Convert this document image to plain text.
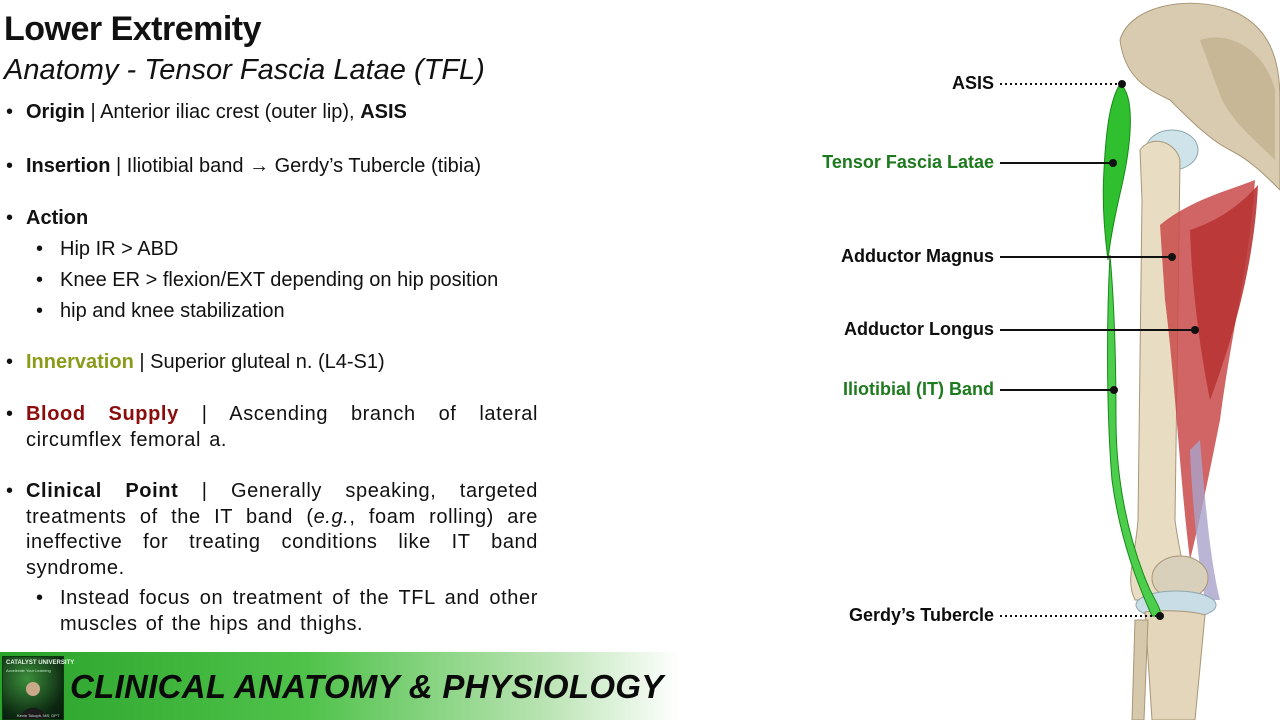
Lower Extremity
Anatomy - Tensor Fascia Latae (TFL)
• Origin | Anterior iliac crest (outer lip), ASIS
• Insertion | Iliotibial band → Gerdy’s Tubercle (tibia)
• Action
• Hip IR > ABD
• Knee ER > flexion/EXT depending on hip position
• hip and knee stabilization
• Innervation | Superior gluteal n. (L4-S1)
• Blood Supply | Ascending branch of lateral circumflex femoral a.
• Clinical Point | Generally speaking, targeted treatments of the IT band (e.g., foam rolling) are ineffective for treating conditions like IT band syndrome.
• Instead focus on treatment of the TFL and other muscles of the hips and thighs.
ASIS
Tensor Fascia Latae
Adductor Magnus
Adductor Longus
Iliotibial (IT) Band
Gerdy’s Tubercle
CATALYST UNIVERSITY
Accelerate Your Learning
Kevin Tokoph, MS, DPT
CLINICAL ANATOMY & PHYSIOLOGY
